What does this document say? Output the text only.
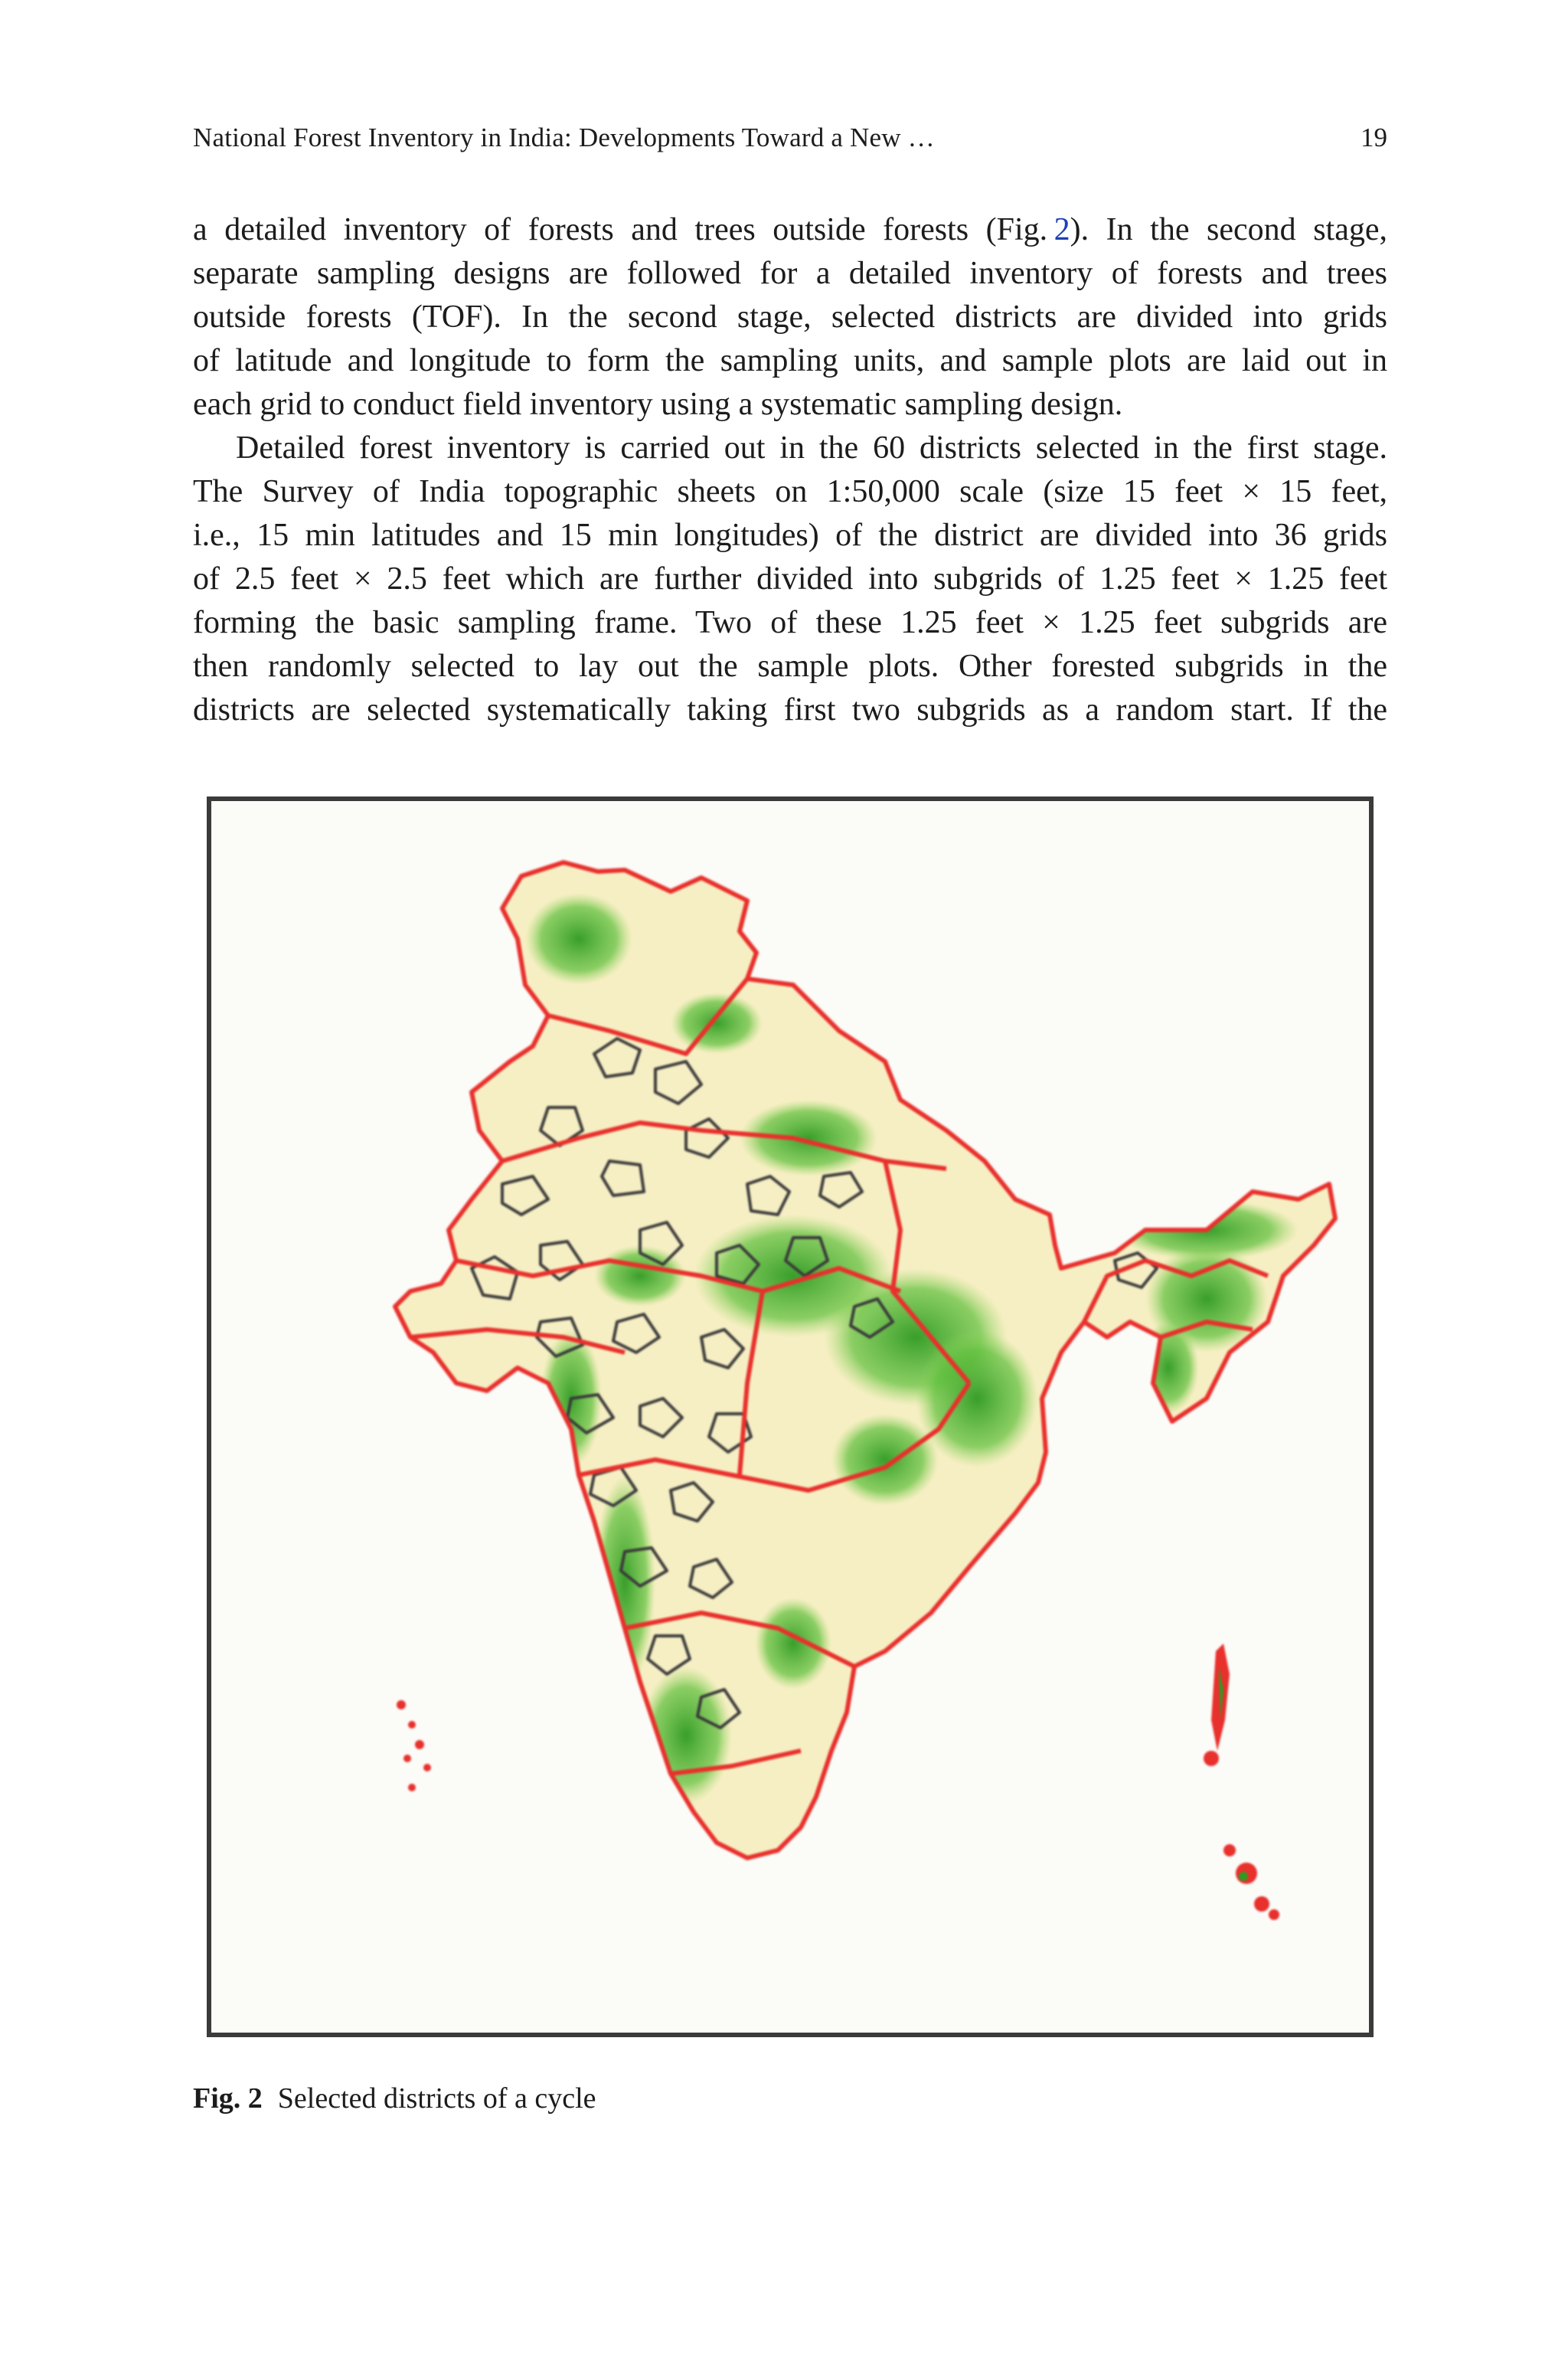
National Forest Inventory in India: Developments Toward a New …	19
a detailed inventory of forests and trees outside forests (Fig.  2). In the second stage,
separate sampling designs are followed for a detailed inventory of forests and trees
outside forests (TOF). In the second stage, selected districts are divided into grids
of latitude and longitude to form the sampling units, and sample plots are laid out in
each grid to conduct field inventory using a systematic sampling design.
Detailed forest inventory is carried out in the 60 districts selected in the first stage.
The Survey of India topographic sheets on 1:50,000 scale (size 15 feet × 15 feet,
i.e., 15 min latitudes and 15 min longitudes) of the district are divided into 36 grids
of 2.5 feet × 2.5 feet which are further divided into subgrids of 1.25 feet × 1.25 feet
forming the basic sampling frame. Two of these 1.25 feet × 1.25 feet subgrids are
then randomly selected to lay out the sample plots. Other forested subgrids in the
districts are selected systematically taking first two subgrids as a random start. If the
Fig. 2 Selected districts of a cycle
